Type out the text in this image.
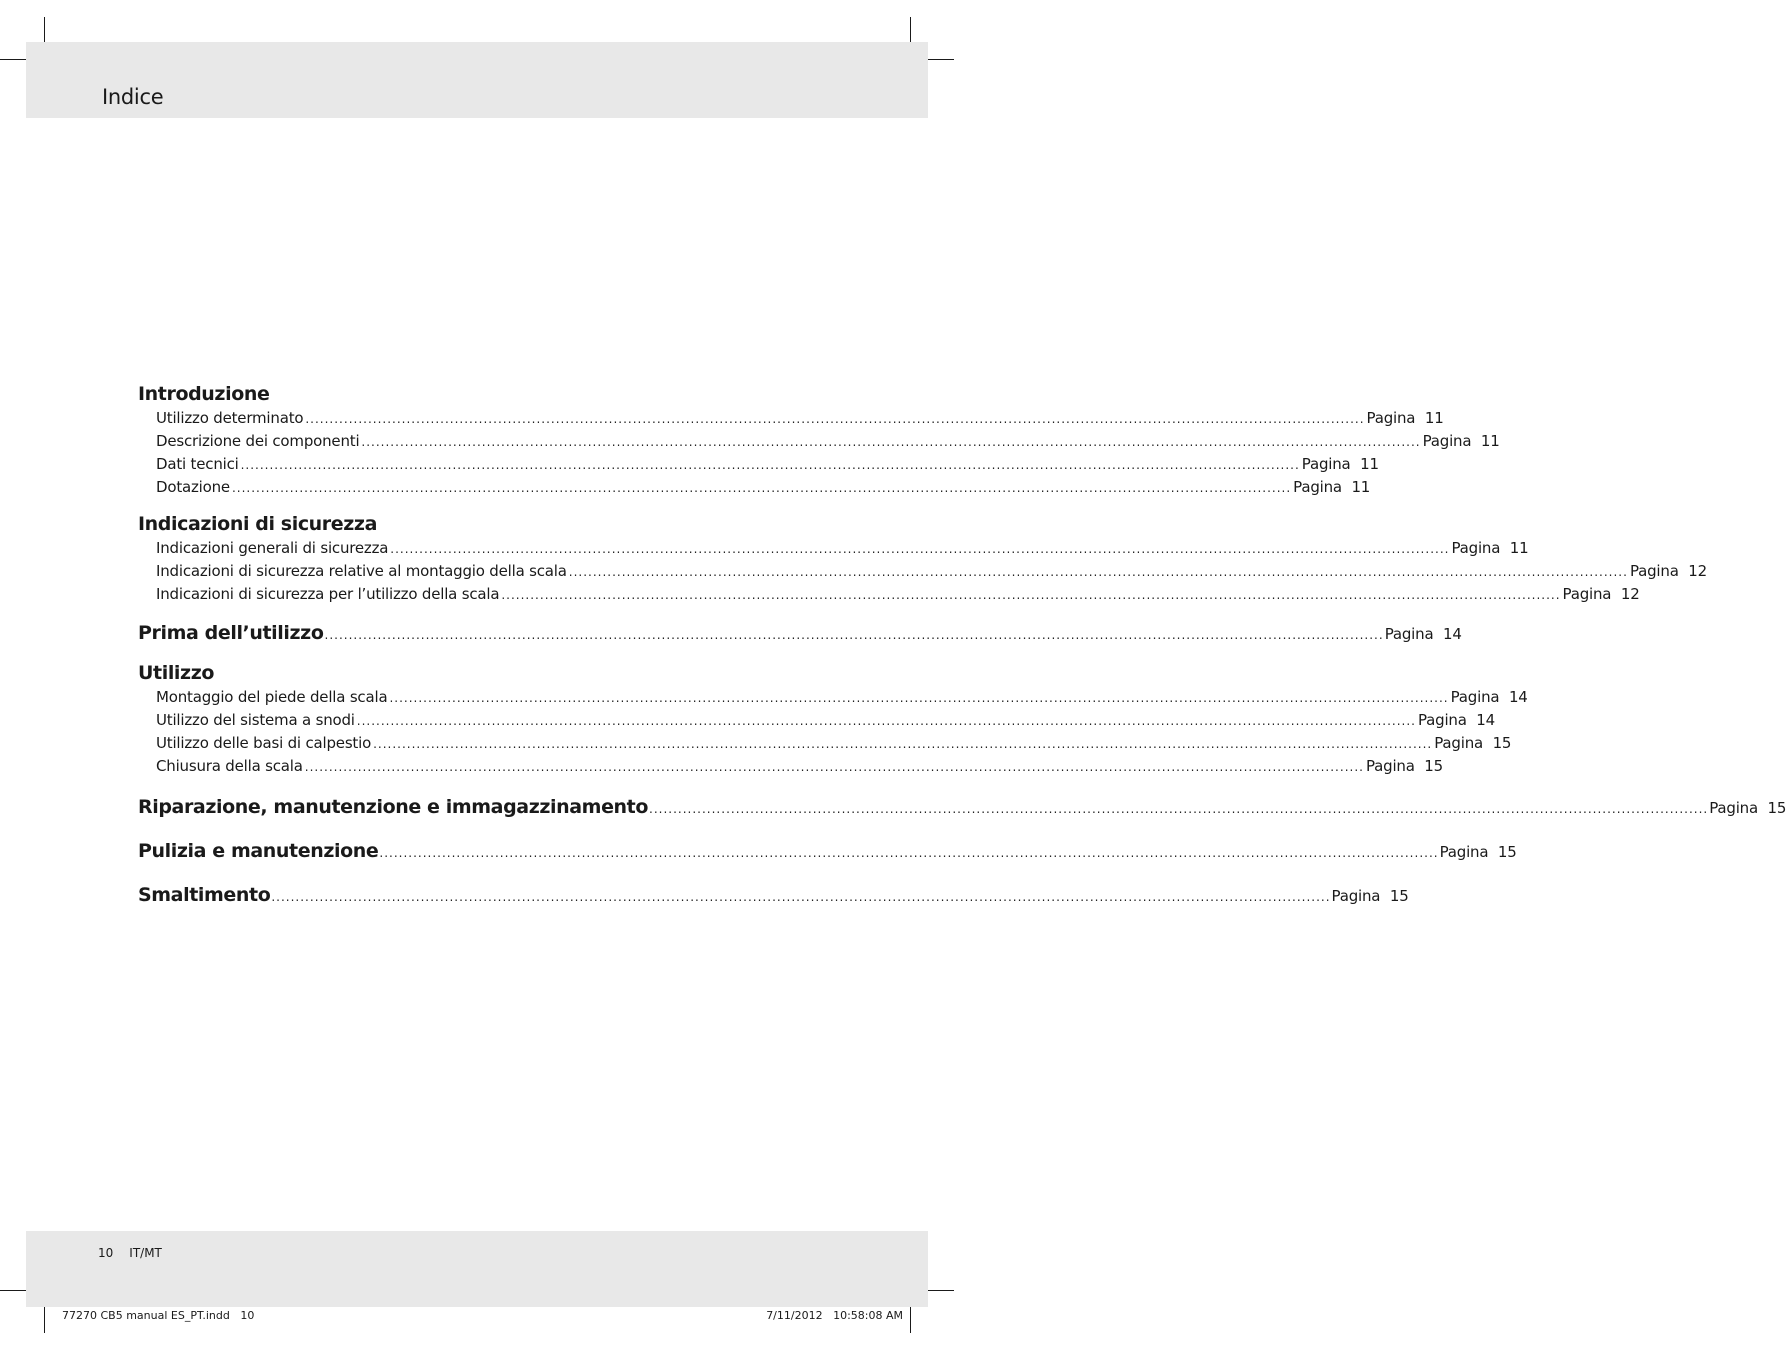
Indice
Introduzione
Utilizzo determinato ............................................................................................................................................................................................................................ Pagina 11
Descrizione dei componenti ............................................................................................................................................................................................................................ Pagina 11
Dati tecnici ............................................................................................................................................................................................................................ Pagina 11
Dotazione ............................................................................................................................................................................................................................ Pagina 11
Indicazioni di sicurezza
Indicazioni generali di sicurezza ............................................................................................................................................................................................................................ Pagina 11
Indicazioni di sicurezza relative al montaggio della scala ............................................................................................................................................................................................................................ Pagina 12
Indicazioni di sicurezza per l’utilizzo della scala ............................................................................................................................................................................................................................ Pagina 12
Prima dell’utilizzo ............................................................................................................................................................................................................................ Pagina 14
Utilizzo
Montaggio del piede della scala ............................................................................................................................................................................................................................ Pagina 14
Utilizzo del sistema a snodi ............................................................................................................................................................................................................................ Pagina 14
Utilizzo delle basi di calpestio ............................................................................................................................................................................................................................ Pagina 15
Chiusura della scala ............................................................................................................................................................................................................................ Pagina 15
Riparazione, manutenzione e immagazzinamento ............................................................................................................................................................................................................................ Pagina 15
Pulizia e manutenzione ............................................................................................................................................................................................................................ Pagina 15
Smaltimento ............................................................................................................................................................................................................................ Pagina 15
10 IT/MT
77270 CB5 manual ES_PT.indd   10	7/11/2012   10:58:08 AM
